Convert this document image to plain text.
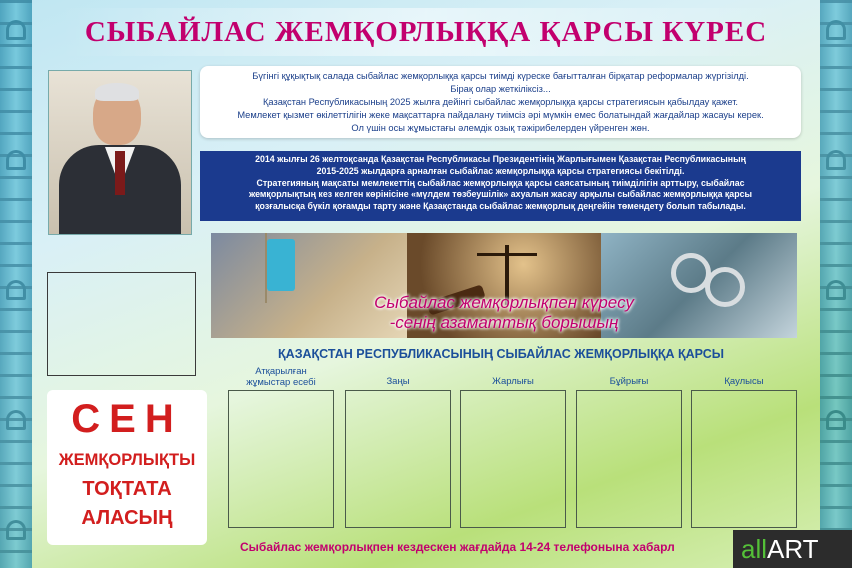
СЫБАЙЛАС ЖЕМҚОРЛЫҚҚА ҚАРСЫ КҮРЕС
Бүгінгі құқықтық салада сыбайлас жемқорлыққа қарсы тиімді күреске бағытталған бірқатар реформалар жүргізілді.
Бірақ олар жеткіліксіз...
Қазақстан Республикасының 2025 жылға дейінгі сыбайлас жемқорлыққа қарсы стратегиясын қабылдау қажет.
Мемлекет қызмет өкілеттілігін жеке мақсаттарға пайдалану тиімсіз әрі мүмкін емес болатындай жағдайлар жасауы керек.
Ол үшін осы жұмыстағы әлемдік озық тәжірибелерден үйренген жөн.
2014 жылғы 26 желтоқсанда Қазақстан Республикасы Президентінің Жарлығымен Қазақстан Республикасының
2015-2025 жылдарға арналған сыбайлас жемқорлыққа қарсы стратегиясы бекітілді.
Стратегияның мақсаты мемлекеттің сыбайлас жемқорлыққа қарсы саясатының тиімділігін арттыру, сыбайлас
жемқорлықтың кез келген көрінісіне «мүлдем төзбеушілік» ахуалын жасау арқылы сыбайлас жемқорлыққа қарсы
қозғалысқа бүкіл қоғамды тарту және Қазақстанда сыбайлас жемқорлық деңгейін төмендету болып табылады.
Сыбайлас жемқорлықпен күресу
-сенің азаматтық борышың
ҚАЗАҚСТАН РЕСПУБЛИКАСЫНЫҢ СЫБАЙЛАС ЖЕМҚОРЛЫҚҚА ҚАРСЫ
Атқарылған
жұмыстар есебі	Заңы	Жарлығы	Бұйрығы	Қаулысы
СЕН
ЖЕМҚОРЛЫҚТЫ
ТОҚТАТА
АЛАСЫҢ
Сыбайлас жемқорлықпен кездескен жағдайда 14-24 телефонына хабарл	allART
